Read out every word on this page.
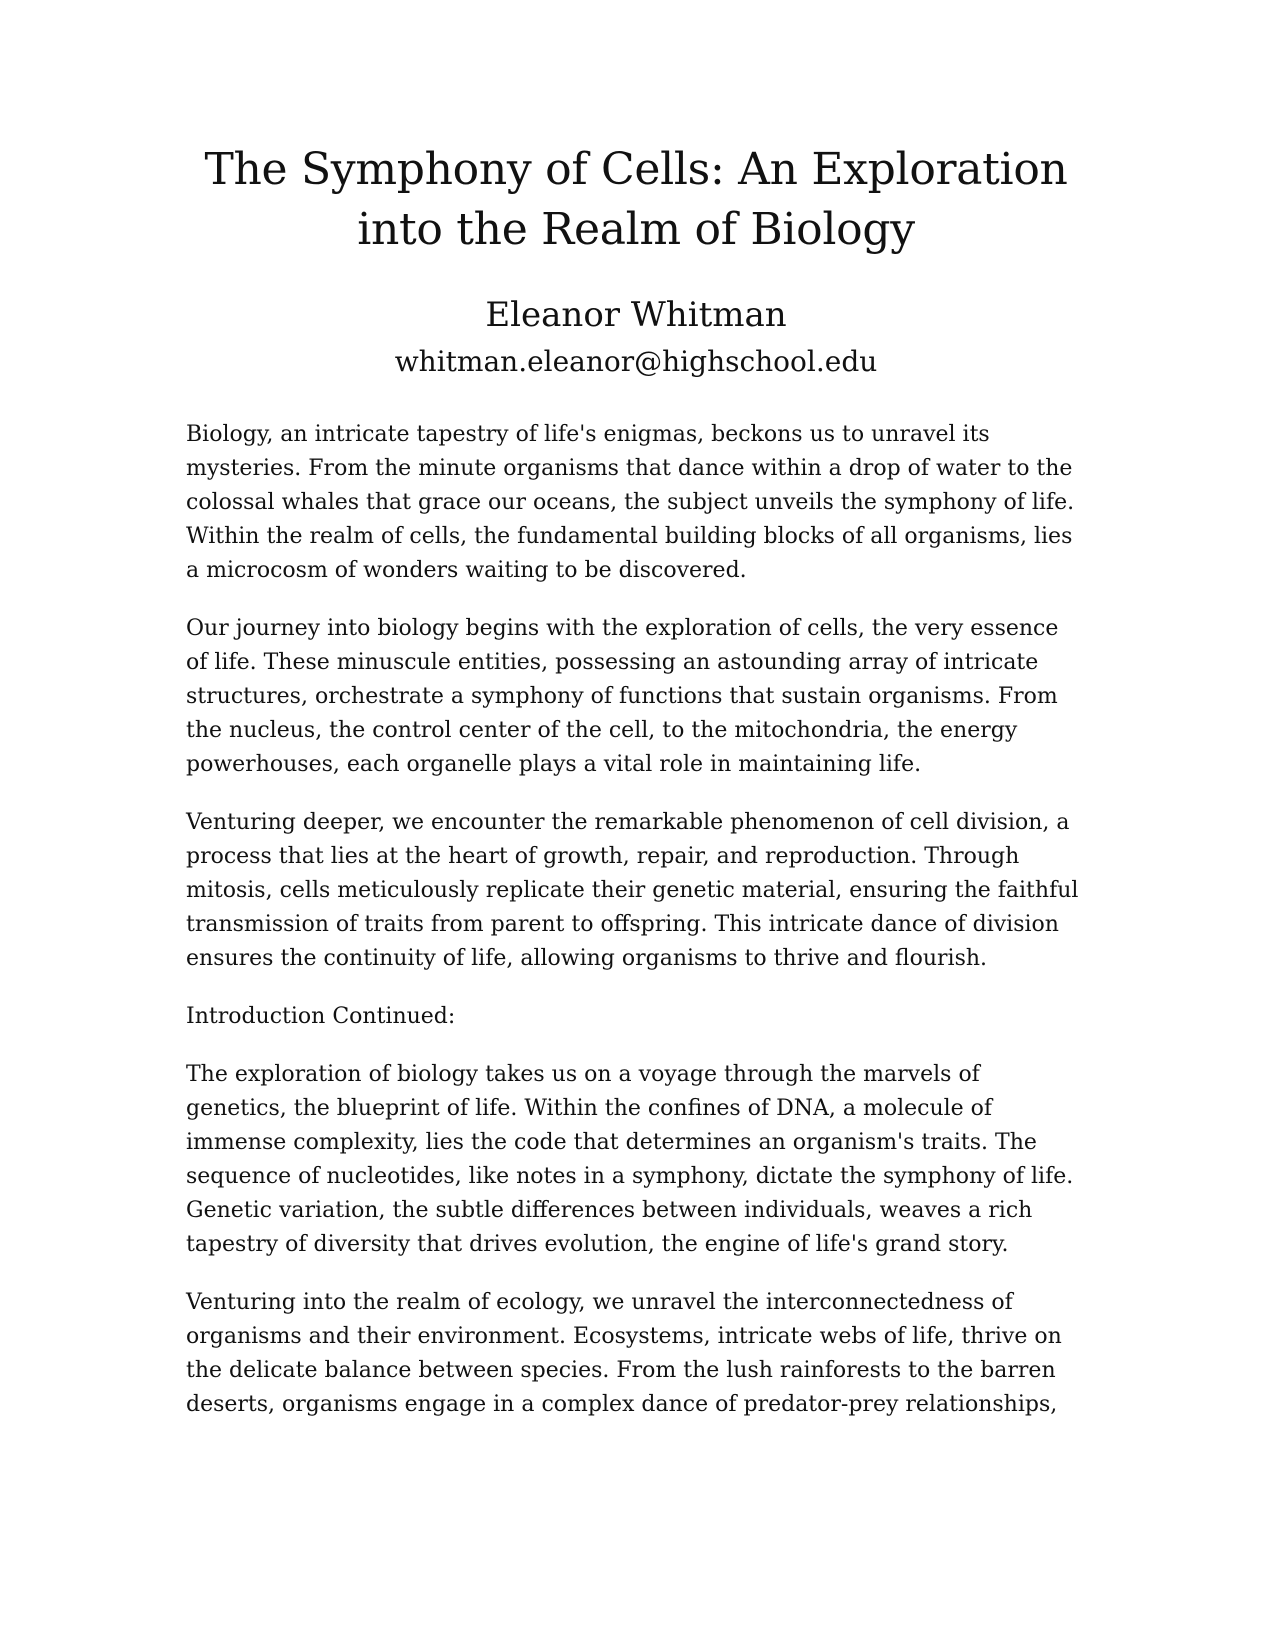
The Symphony of Cells: An Exploration into the Realm of Biology
Eleanor Whitman
whitman.eleanor@highschool.edu

Biology, an intricate tapestry of life's enigmas, beckons us to unravel its mysteries. From the minute organisms that dance within a drop of water to the colossal whales that grace our oceans, the subject unveils the symphony of life. Within the realm of cells, the fundamental building blocks of all organisms, lies a microcosm of wonders waiting to be discovered.

Our journey into biology begins with the exploration of cells, the very essence of life. These minuscule entities, possessing an astounding array of intricate structures, orchestrate a symphony of functions that sustain organisms. From the nucleus, the control center of the cell, to the mitochondria, the energy powerhouses, each organelle plays a vital role in maintaining life.

Venturing deeper, we encounter the remarkable phenomenon of cell division, a process that lies at the heart of growth, repair, and reproduction. Through mitosis, cells meticulously replicate their genetic material, ensuring the faithful transmission of traits from parent to offspring. This intricate dance of division ensures the continuity of life, allowing organisms to thrive and flourish.

Introduction Continued:

The exploration of biology takes us on a voyage through the marvels of genetics, the blueprint of life. Within the confines of DNA, a molecule of immense complexity, lies the code that determines an organism's traits. The sequence of nucleotides, like notes in a symphony, dictate the symphony of life. Genetic variation, the subtle differences between individuals, weaves a rich tapestry of diversity that drives evolution, the engine of life's grand story.

Venturing into the realm of ecology, we unravel the interconnectedness of organisms and their environment. Ecosystems, intricate webs of life, thrive on the delicate balance between species. From the lush rainforests to the barren deserts, organisms engage in a complex dance of predator-prey relationships,
